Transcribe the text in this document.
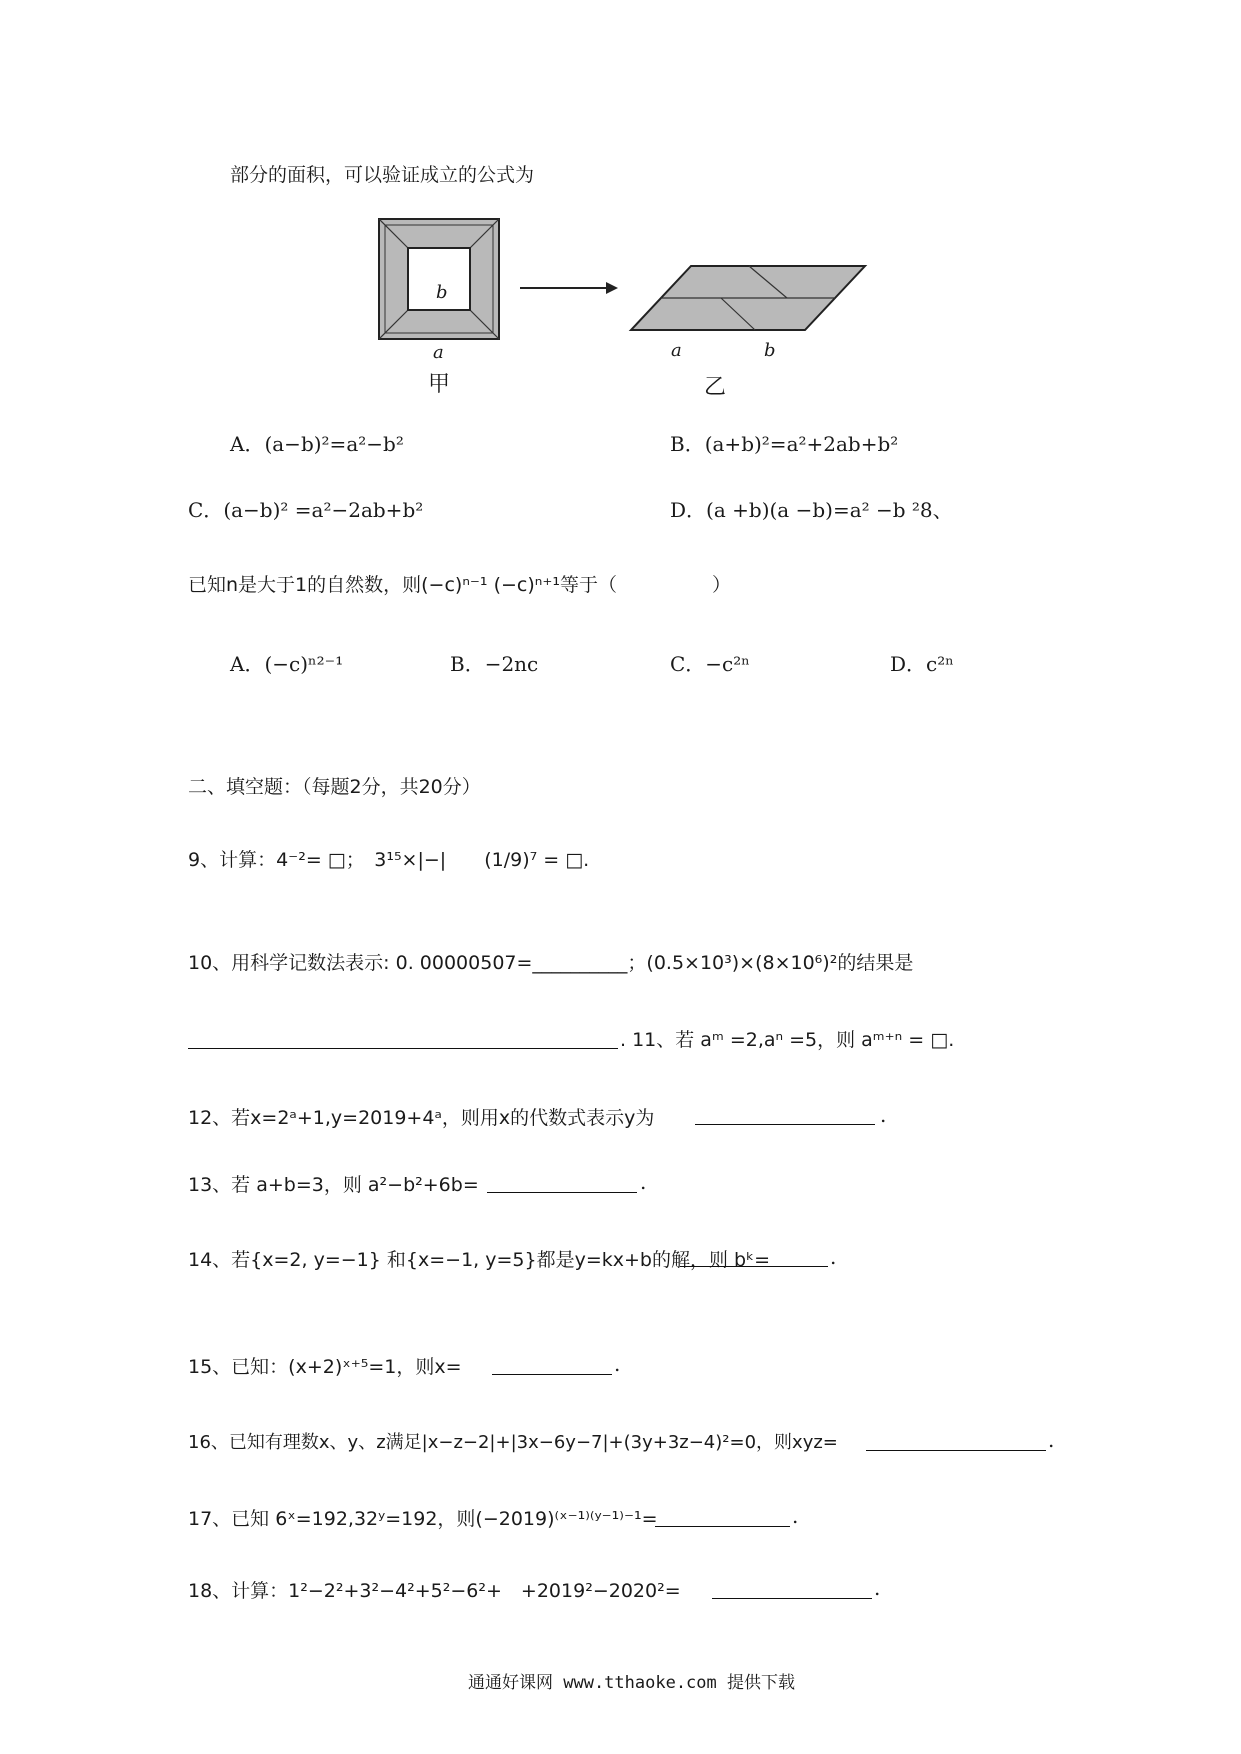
部分的面积，可以验证成立的公式为
b
a
甲
a	b
乙
A．(a−b)²=a²−b²	B．(a+b)²=a²+2ab+b²
C．(a−b)² =a²−2ab+b²	D．(a +b)(a −b)=a² −b ²8、
已知n是大于1的自然数，则(−c)ⁿ⁻¹ (−c)ⁿ⁺¹等于（　　　　　）
A．(−c)ⁿ²⁻¹	B．−2nc	C．−c²ⁿ	D．c²ⁿ
二、填空题：（每题2分，共20分）
9、计算：4⁻²= □；　3¹⁵×|−|　　(1/9)⁷ = □.
10、用科学记数法表示: 0. 00000507=__________；(0.5×10³)×(8×10⁶)²的结果是
. 11、若 aᵐ =2,aⁿ =5，则 aᵐ⁺ⁿ = □.
12、若x=2ᵃ+1,y=2019+4ᵃ，则用x的代数式表示y为	.
13、若 a+b=3，则 a²−b²+6b=	.
14、若{x=2, y=−1} 和{x=−1, y=5}都是y=kx+b的解，则 bᵏ=	.
15、已知：(x+2)ˣ⁺⁵=1，则x=	.
16、已知有理数x、y、z满足|x−z−2|+|3x−6y−7|+(3y+3z−4)²=0，则xyz=	.
17、已知 6ˣ=192,32ʸ=192，则(−2019)⁽ˣ⁻¹⁾⁽ʸ⁻¹⁾⁻¹=	.
18、计算：1²−2²+3²−4²+5²−6²+　+2019²−2020²=	.
通通好课网 www.tthaoke.com 提供下载
